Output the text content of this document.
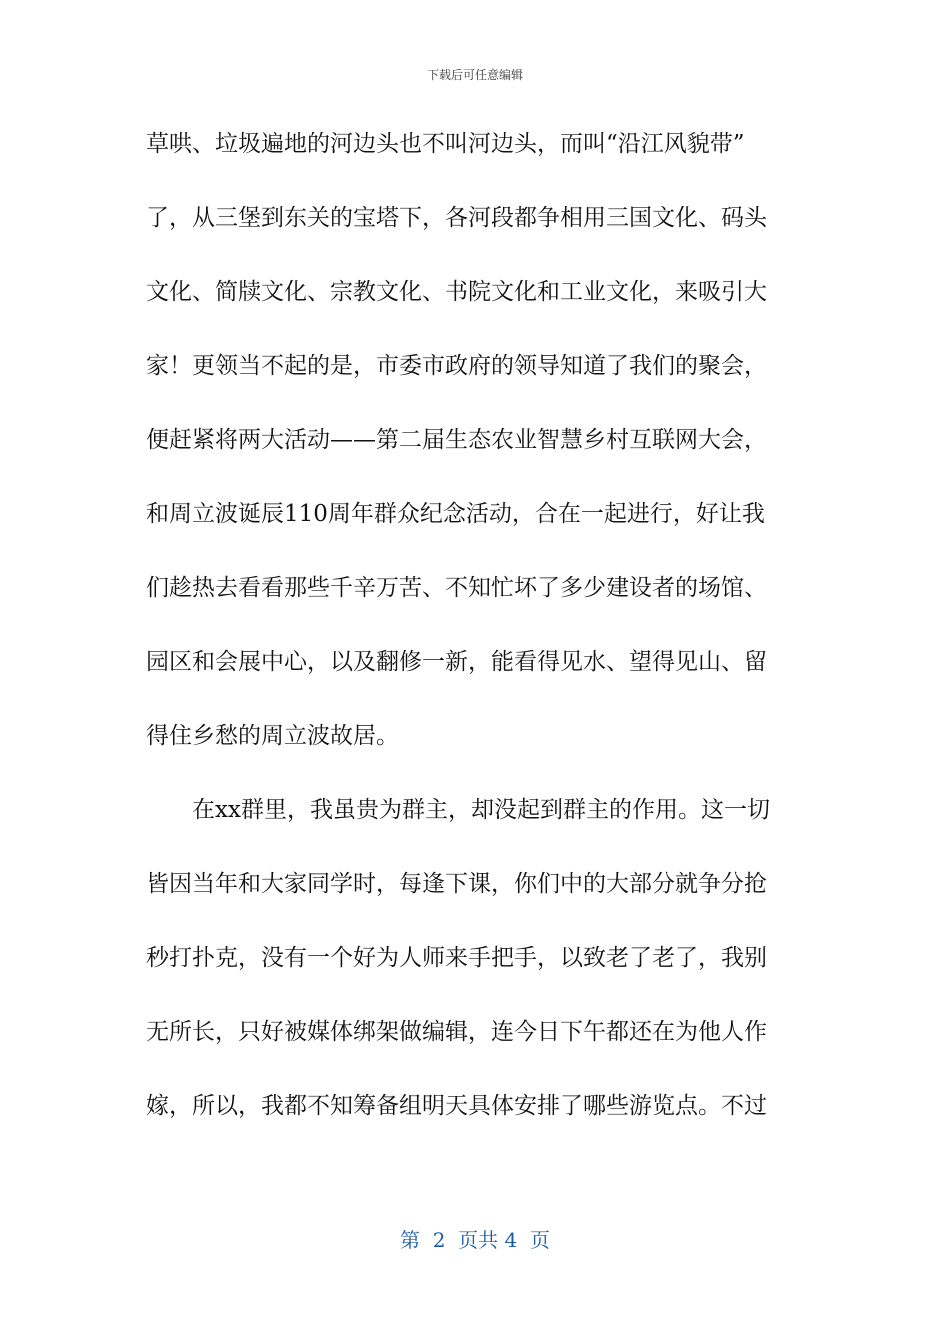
下载后可任意编辑
草哄、垃圾遍地的河边头也不叫河边头，而叫“沿江风貌带”
了，从三堡到东关的宝塔下，各河段都争相用三国文化、码头
文化、简牍文化、宗教文化、书院文化和工业文化，来吸引大
家！更领当不起的是，市委市政府的领导知道了我们的聚会，
便赶紧将两大活动——第二届生态农业智慧乡村互联网大会，
和周立波诞辰110周年群众纪念活动，合在一起进行，好让我
们趁热去看看那些千辛万苦、不知忙坏了多少建设者的场馆、
园区和会展中心，以及翻修一新，能看得见水、望得见山、留
得住乡愁的周立波故居。
在xx群里，我虽贵为群主，却没起到群主的作用。这一切
皆因当年和大家同学时，每逢下课，你们中的大部分就争分抢
秒打扑克，没有一个好为人师来手把手，以致老了老了，我别
无所长，只好被媒体绑架做编辑，连今日下午都还在为他人作
嫁，所以，我都不知筹备组明天具体安排了哪些游览点。不过
第  2  页共 4  页
